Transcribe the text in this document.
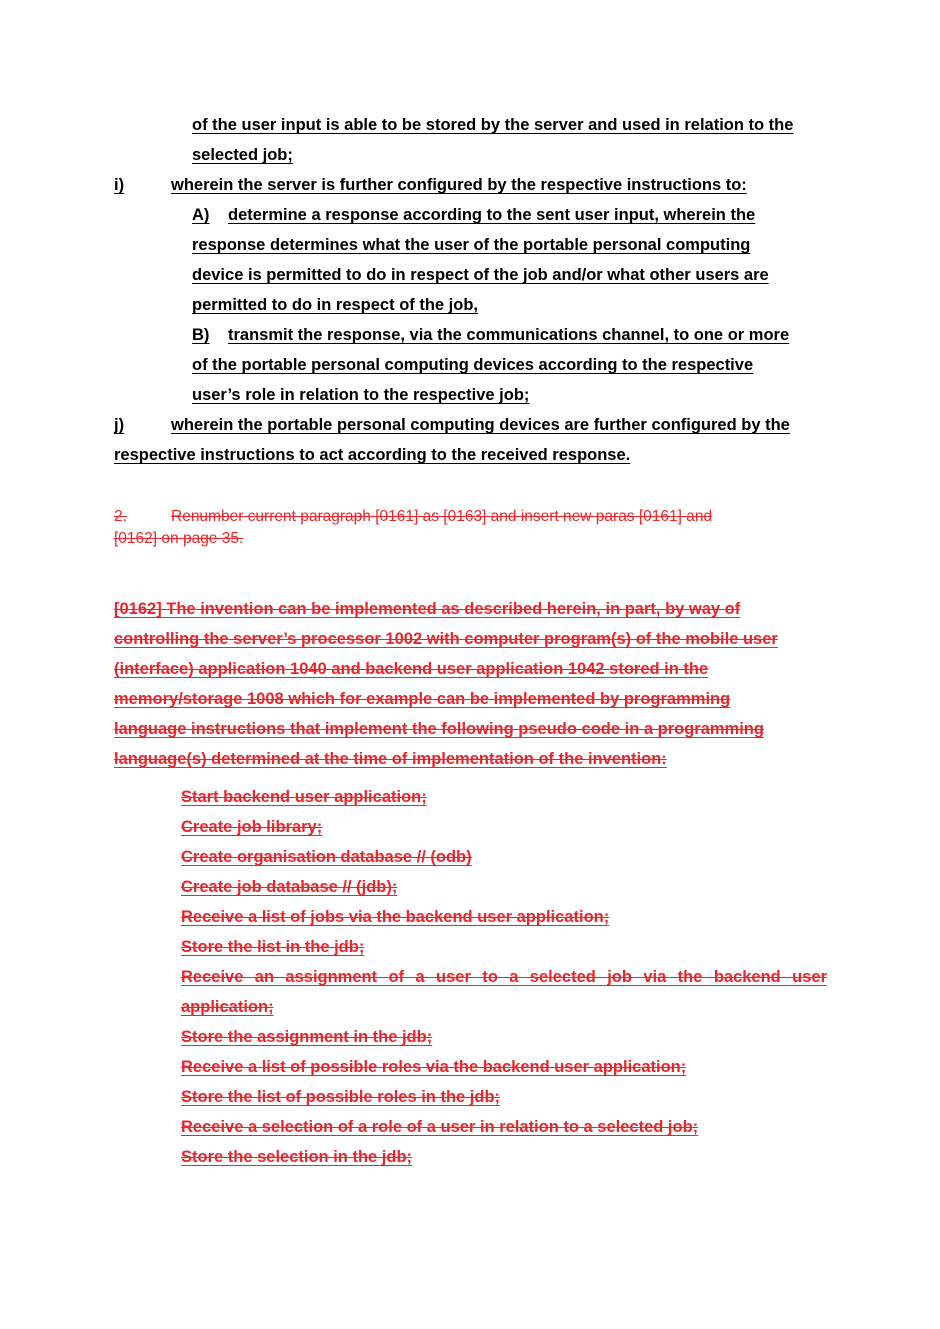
of the user input is able to be stored by the server and used in relation to the
selected job;
i)	wherein the server is further configured by the respective instructions to:
A) determine a response according to the sent user input, wherein the
response determines what the user of the portable personal computing
device is permitted to do in respect of the job and/or what other users are
permitted to do in respect of the job,
B) transmit the response, via the communications channel, to one or more
of the portable personal computing devices according to the respective
user’s role in relation to the respective job;
j)	wherein the portable personal computing devices are further configured by the
respective instructions to act according to the received response.
2.	Renumber current paragraph [0161] as [0163] and insert new paras [0161] and
[0162] on page 35.
[0162] The invention can be implemented as described herein, in part, by way of
controlling the server’s processor 1002 with computer program(s) of the mobile user
(interface) application 1040 and backend user application 1042 stored in the
memory/storage 1008 which for example can be implemented by programming
language instructions that implement the following pseudo code in a programming
language(s) determined at the time of implementation of the invention:
Start backend user application;
Create job library;
Create organisation database // (odb)
Create job database // (jdb);
Receive a list of jobs via the backend user application;
Store the list in the jdb;
Receive an assignment of a user to a selected job via the backend user
application;
Store the assignment in the jdb;
Receive a list of possible roles via the backend user application;
Store the list of possible roles in the jdb;
Receive a selection of a role of a user in relation to a selected job;
Store the selection in the jdb;
